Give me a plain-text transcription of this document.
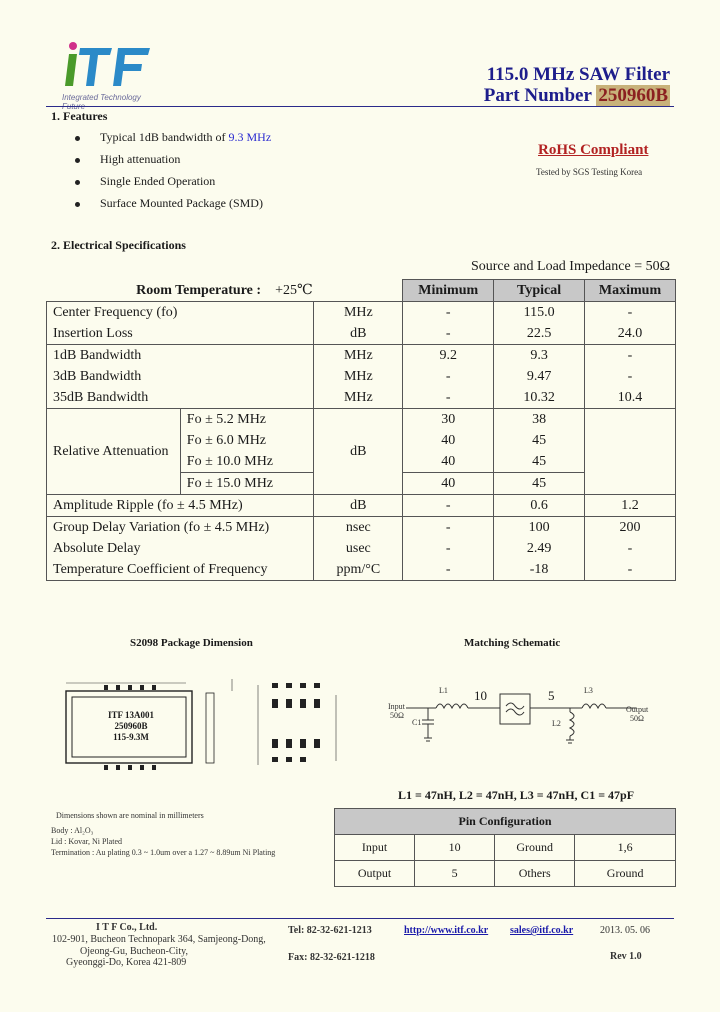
Integrated Technology
115.0 MHz SAW Filter
Part Number 250960B
1. Features
Typical 1dB bandwidth of 9.3 MHz
High attenuation
Single Ended Operation
Surface Mounted Package (SMD)
RoHS Compliant
Tested by SGS Testing Korea
2. Electrical Specifications
Source and Load Impedance = 50Ω
Room Temperature : +25℃			Minimum	Typical	Maximum
Center Frequency (fo)		MHz	-	115.0	-
Insertion Loss		dB	-	22.5	24.0
1dB Bandwidth		MHz	9.2	9.3	-
3dB Bandwidth		MHz	-	9.47	-
35dB Bandwidth		MHz	-	10.32	10.4
Relative Attenuation	Fo ± 5.2 MHz	dB	30	38	
	Fo ± 6.0 MHz		40	45	
	Fo ± 10.0 MHz		40	45	
	Fo ± 15.0 MHz		40	45	
Amplitude Ripple (fo ± 4.5 MHz)		dB	-	0.6	1.2
Group Delay Variation (fo ± 4.5 MHz)		nsec	-	100	200
Absolute Delay		usec	-	2.49	-
Temperature Coefficient of Frequency		ppm/°C	-	-18	-
S2098 Package Dimension
ITF 13A001
250960B
115-9.3M
Dimensions shown are nominal in millimeters
Body : Al₂O₃
Lid : Kovar, Ni Plated
Termination : Au plating 0.3 ~ 1.0um over a 1.27 ~ 8.89um Ni Plating
Matching Schematic
Input
50Ω
Output
50Ω
L1	L3
L2
C1
10	5
L1 = 47nH, L2 = 47nH, L3 = 47nH, C1 = 47pF
Pin Configuration			
Input	10	Ground	1,6
Output	5	Others	Ground
I T F Co., Ltd.
102-901, Bucheon Technopark 364, Samjeong-Dong,
Ojeong-Gu, Bucheon-City,
Gyeonggi-Do, Korea 421-809
Tel: 82-32-621-1213
Fax: 82-32-621-1218
http://www.itf.co.kr sales@itf.co.kr	2013. 05. 06
Rev 1.0
